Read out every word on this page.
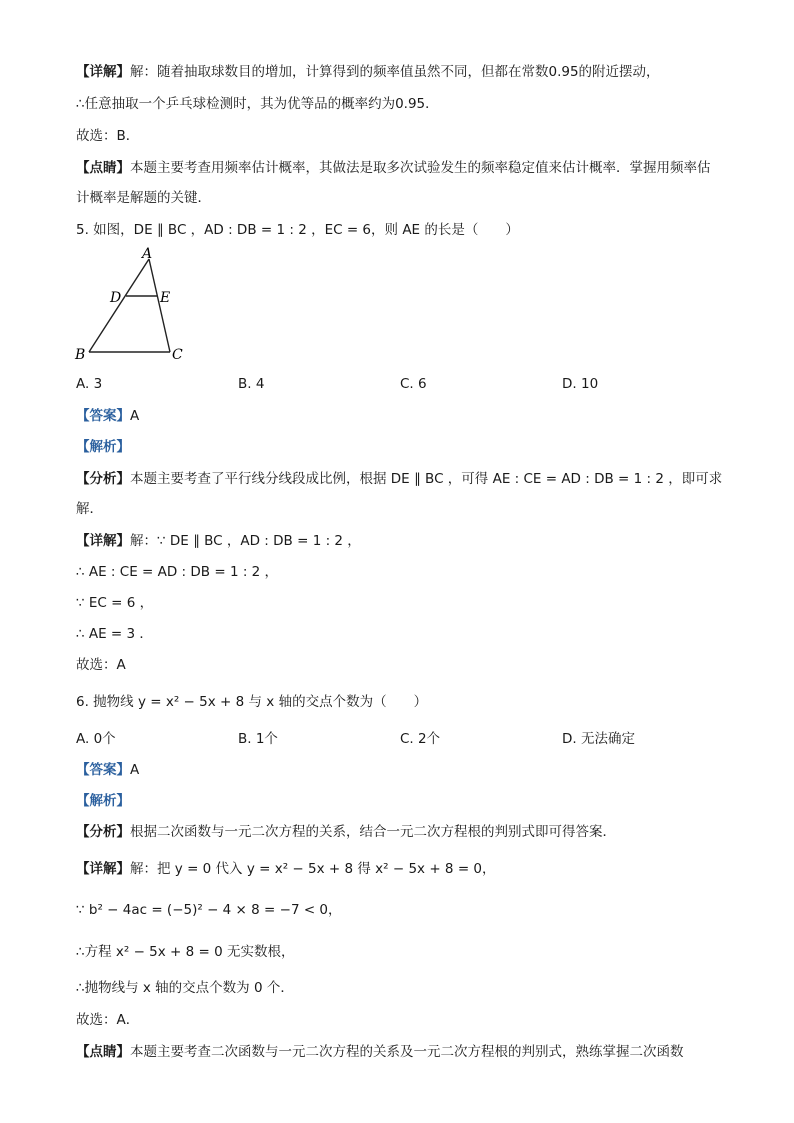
【详解】解：随着抽取球数目的增加，计算得到的频率值虽然不同，但都在常数0.95的附近摆动，
∴任意抽取一个乒乓球检测时，其为优等品的概率约为0.95．
故选：B．
【点睛】本题主要考查用频率估计概率，其做法是取多次试验发生的频率稳定值来估计概率．掌握用频率估
计概率是解题的关键．
5. 如图，DE ∥ BC ，AD : DB = 1 : 2 ，EC = 6，则 AE 的长是（　　）
A
D	E
B	C
A. 3	B. 4	C. 6	D. 10
【答案】A
【解析】
【分析】本题主要考查了平行线分线段成比例，根据 DE ∥ BC ，可得 AE : CE = AD : DB = 1 : 2 ，即可求
解．
【详解】解：∵ DE ∥ BC ，AD : DB = 1 : 2 ，
∴ AE : CE = AD : DB = 1 : 2 ，
∵ EC = 6 ，
∴ AE = 3 ．
故选：A
6. 抛物线 y = x² − 5x + 8 与 x 轴的交点个数为（　　）
A. 0个	B. 1个	C. 2个	D. 无法确定
【答案】A
【解析】
【分析】根据二次函数与一元二次方程的关系，结合一元二次方程根的判别式即可得答案．
【详解】解：把 y = 0 代入 y = x² − 5x + 8 得 x² − 5x + 8 = 0，
∵ b² − 4ac = (−5)² − 4 × 8 = −7 < 0，
∴方程 x² − 5x + 8 = 0 无实数根，
∴抛物线与 x 轴的交点个数为 0 个．
故选：A．
【点睛】本题主要考查二次函数与一元二次方程的关系及一元二次方程根的判别式，熟练掌握二次函数
